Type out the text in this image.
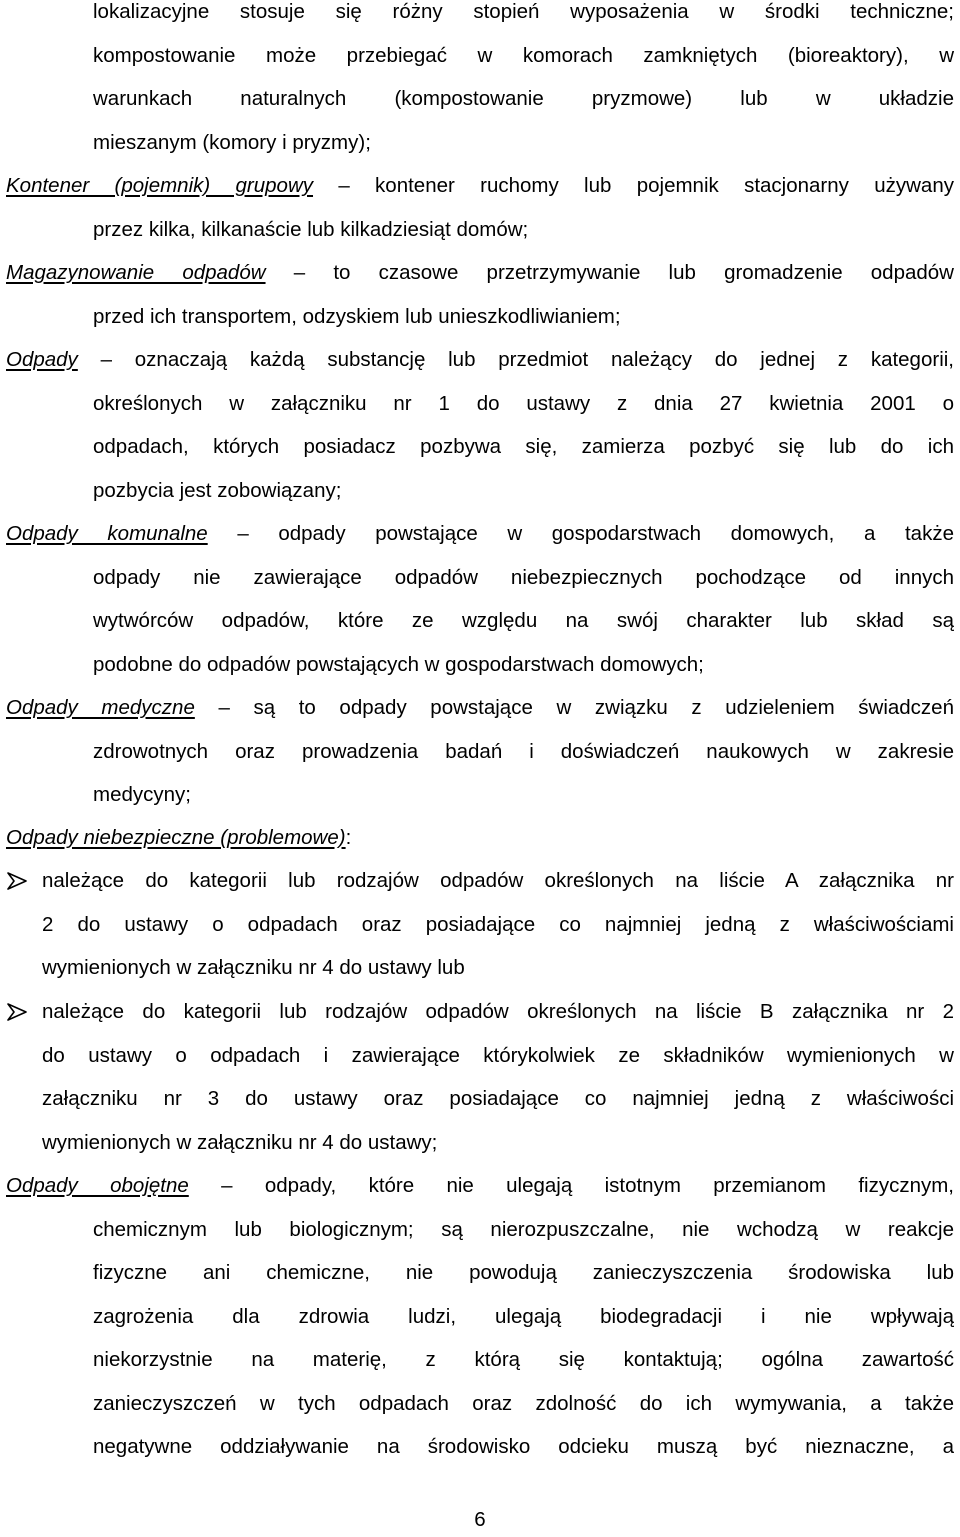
lokalizacyjne stosuje się różny stopień wyposażenia w środki techniczne;
kompostowanie może przebiegać w komorach zamkniętych (bioreaktory), w
warunkach naturalnych (kompostowanie pryzmowe) lub w układzie
mieszanym (komory i pryzmy);
Kontener (pojemnik) grupowy – kontener ruchomy lub pojemnik stacjonarny używany
przez kilka, kilkanaście lub kilkadziesiąt domów;
Magazynowanie odpadów – to czasowe przetrzymywanie lub gromadzenie odpadów
przed ich transportem, odzyskiem lub unieszkodliwianiem;
Odpady – oznaczają każdą substancję lub przedmiot należący do jednej z kategorii,
określonych w załączniku nr 1 do ustawy z dnia 27 kwietnia 2001 o
odpadach, których posiadacz pozbywa się, zamierza pozbyć się lub do ich
pozbycia jest zobowiązany;
Odpady komunalne – odpady powstające w gospodarstwach domowych, a także
odpady nie zawierające odpadów niebezpiecznych pochodzące od innych
wytwórców odpadów, które ze względu na swój charakter lub skład są
podobne do odpadów powstających w gospodarstwach domowych;
Odpady medyczne – są to odpady powstające w związku z udzieleniem świadczeń
zdrowotnych oraz prowadzenia badań i doświadczeń naukowych w zakresie
medycyny;
Odpady niebezpieczne (problemowe):
należące do kategorii lub rodzajów odpadów określonych na liście A załącznika nr
2 do ustawy o odpadach oraz posiadające co najmniej jedną z właściwościami
wymienionych w załączniku nr 4 do ustawy lub
należące do kategorii lub rodzajów odpadów określonych na liście B załącznika nr 2
do ustawy o odpadach i zawierające którykolwiek ze składników wymienionych w
załączniku nr 3 do ustawy oraz posiadające co najmniej jedną z właściwości
wymienionych w załączniku nr 4 do ustawy;
Odpady obojętne – odpady, które nie ulegają istotnym przemianom fizycznym,
chemicznym lub biologicznym; są nierozpuszczalne, nie wchodzą w reakcje
fizyczne ani chemiczne, nie powodują zanieczyszczenia środowiska lub
zagrożenia dla zdrowia ludzi, ulegają biodegradacji i nie wpływają
niekorzystnie na materię, z którą się kontaktują; ogólna zawartość
zanieczyszczeń w tych odpadach oraz zdolność do ich wymywania, a także
negatywne oddziaływanie na środowisko odcieku muszą być nieznaczne, a
6
